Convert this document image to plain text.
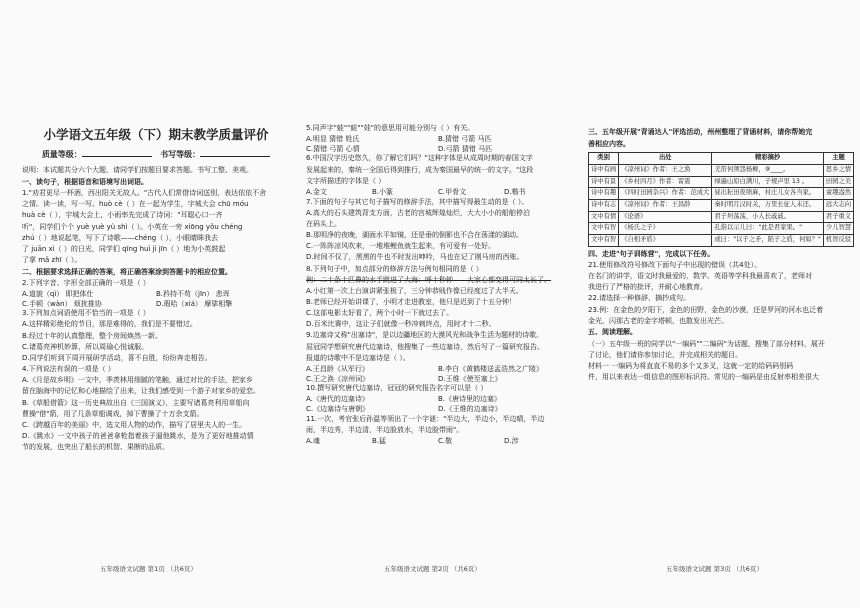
小学语文五年级（下）期末教学质量评价
质量等级：	书写等级：
说明：本试题共分六个大题，请同学们按题目要求答题。书写工整、美观。
一、读句子，根据语音和语境写出词语。
1."劝君更尽一杯酒，西出阳关无故人。"古代人们常借诗词送别，表达依依不舍
之情。读一读，写一写。huò cè（ ）在一起为学生，宇城大会 chū móu
huà cè（ ），宇城大会上，小雨率先完成了诗词："耳聪心口一齐
听"，同学们个个 yuè yuè yù shì（ ）。小英在一旁 xiōng yǒu chéng
zhú（ ）地说起笔，写下了诗歌——chéng（ ），小眼睛眯我去
了 juān xì（ ）的日光，同学们 qīng huì jì jīn（ ）地为小英鼓起
了掌 mǎ zhī（ ）。
二、根据要求选择正确的答案，将正确答案涂到答题卡的相应位置。
2.下列字音、字形全部正确的一项是（ ）
A.道貌（qì） 即把体仕	B.矜持不苟（jīn） 悲诨
C.手顿（wàn） 烦扰推协	D.瑕哈（xiá） 摩挲相擎
3.下列加点词语使用不恰当的一项是（ ）
A.这样精彩绝伦的节目，那是难得的，我们是不要错过。
B.经过十年的认真整理，整个房间焕然一新。
C.诸葛亮神机妙算，所以周瑜心悦诚服。
D.同学们听到下周开展研学活动，喜不自胜，纷纷奔走相告。
4.下列说法有误的一项是（ ）
A.《月是故乡明》一文中，季羡林用细腻的笔触，通过对比的手法，把家乡
留在脑海中的记忆和心地描绘了出来，让我们感受到一个游子对家乡的爱恋。
B.《草船借箭》这一历史典故出自《三国演义》，主要写诸葛亮利用草船向
曹操"借"箭，用了几条草船调戏，掉下曹操了十万余支箭。
C.《跨越百年的美丽》中，选文用人物的动作，描写了居里夫人的一生。
D.《跳水》一文中孩子的爸爸拿枪指着孩子逼他跳水，是为了更好地推动情
节的发展，也突出了船长的机智、果断的品质。
五年级语文试题 第1页 （共6页）
5.同声字"蛙""蛙""娃"的意思用可能分别与（ ）有关。
A.明显 猜错 姓氏	B.猜错 弓箭 马匹
C.猜错 弓箭 心情	D.弓箭 猜错 马匹
6.中国汉字历史悠久，你了解它们吗？"这种字体是从成周时期的春国文字
发展起来的，秦统一全国后得到推行，成为秦国最早的统一的文字。"这段
文字所描述的字体是（ ）
A.金文	B.小篆	C.甲骨文	D.楷书
7.下面的句子与其它句子描写的修辞手法，其中描写得最生动的是（ ）。
A.高大的石头建筑背支方面，古老的宫城辉煌灿烂，大大小小的船舶停泊
在码头上。
B.那明净的夜晚，湖面水平如镜，还是垂的倒影也不合在荡漾的湖动。
C.一阵阵凉风吹来，一堆堆鲤鱼就生起来，有可爱有一处好。
D.时间不仅了，黑黑的牛也不时发出呻吟，马也在记了刚马房的西账。
8.下列句子中，加点部分的修辞方法与例句相同的是（ ）
例：二十条十匹鼻的水手跳进了大海：呼十秒钟——大家心都变得可同太长了。
A.小红第一次上台演讲紧张极了，三分钟恭贱作像已经度过了大半天。
B.老师已经开始讲课了，小明才走进教室，他只是迟到了十五分钟！
C.这部电影太好看了，两个小时一下就过去了。
D.百米比赛中，这让子们就像一秒冲刺终点，用时才十二秒。
9.边塞诗又称"出塞诗"，是以边疆地区的大漠风光和战争生活为题材的诗歌。
屈冠同学想研究唐代边塞诗，他搜集了一些边塞诗，然后写了一篇研究报告。
报道的诗歌中不是边塞诗是（ ）。
A.王昌龄《从军行》	B.李白《黄鹤楼送孟浩然之广陵》
C.王之涣《凉州词》	D.王维《使至塞上》
10.撰写研究唐代边塞诗，冠冠的研究报告名字可以是（ ）
A.《唐代的边塞诗》	B.《唐诗里的边塞》
C.《边塞诗与唐朝》	D.《王维的边塞诗》
11.一次，考官张后孙温等领出了一个字谜："半边大，半边小，半边晴，半边
雨，半边秀，半边清，半边脸放水，半边脸带雨"。
A.魂	B.猛	C.敬	D.涉
五年级语文试题 第2页 （共6页）
三、五年级开展"背诵达人"评选活动，州州整理了背诵材料，请你帮她完
善相应内容。
类别	出处	精彩摘抄	主题
诗中有画	《凉州词》作者：王之涣	羌笛何须怨杨柳，⑨____。	思乡之情
诗中有景	《乡村四月》作者：雷震	绿遍山原白满川，子规声里 13 。	田园之美
诗中有趣	《四时田园杂兴》作者：范成大	昼出耘田夜绩麻，村庄儿女各当家。	童趣盎然
诗中有志	《凉州词》作者：王昌龄	秦时明月汉时关，万里长征人未还。	远大志向
文中有情	《论语》	君子坦荡荡，小人长戚戚。	君子重义
文中有智	《杨氏之子》	孔指以示儿曰："此是君家果。"	少儿智慧
文中有智	《自相矛盾》	或曰："以子之矛，陷子之盾，何如？"	机智反驳
四、走进"句子训练营"，完成以下任务。
21.使用修改符号修改下面句子中出现的错误（共4处）。
在名门的讲学，语文时我最爱的，数学、英语等学科我最喜欢了，老师对
我进行了严格的批评，并耐心地教育。
22.请选择一种修辞，摘抄成句。
23.例：在金色的夕阳下，金色的田野，金色的沙漠，还是罗河的河水也泛着
金光，闪那古老的金字塔顿，也散发出光芒。
五、阅读理解。
（一）五年级一班的同学以"一编码""二编码"为话题，搜集了部分材料，展开
了讨论，他们请你参加讨论，并完成相关的题目。
材料一 一编码为将直直不易的多个又多叉，这就一定的给码码别码
件，用以来表达一组信息的图形标识符。常见的一编码是由反射率相差很大
五年级语文试题 第3页 （共6页）
